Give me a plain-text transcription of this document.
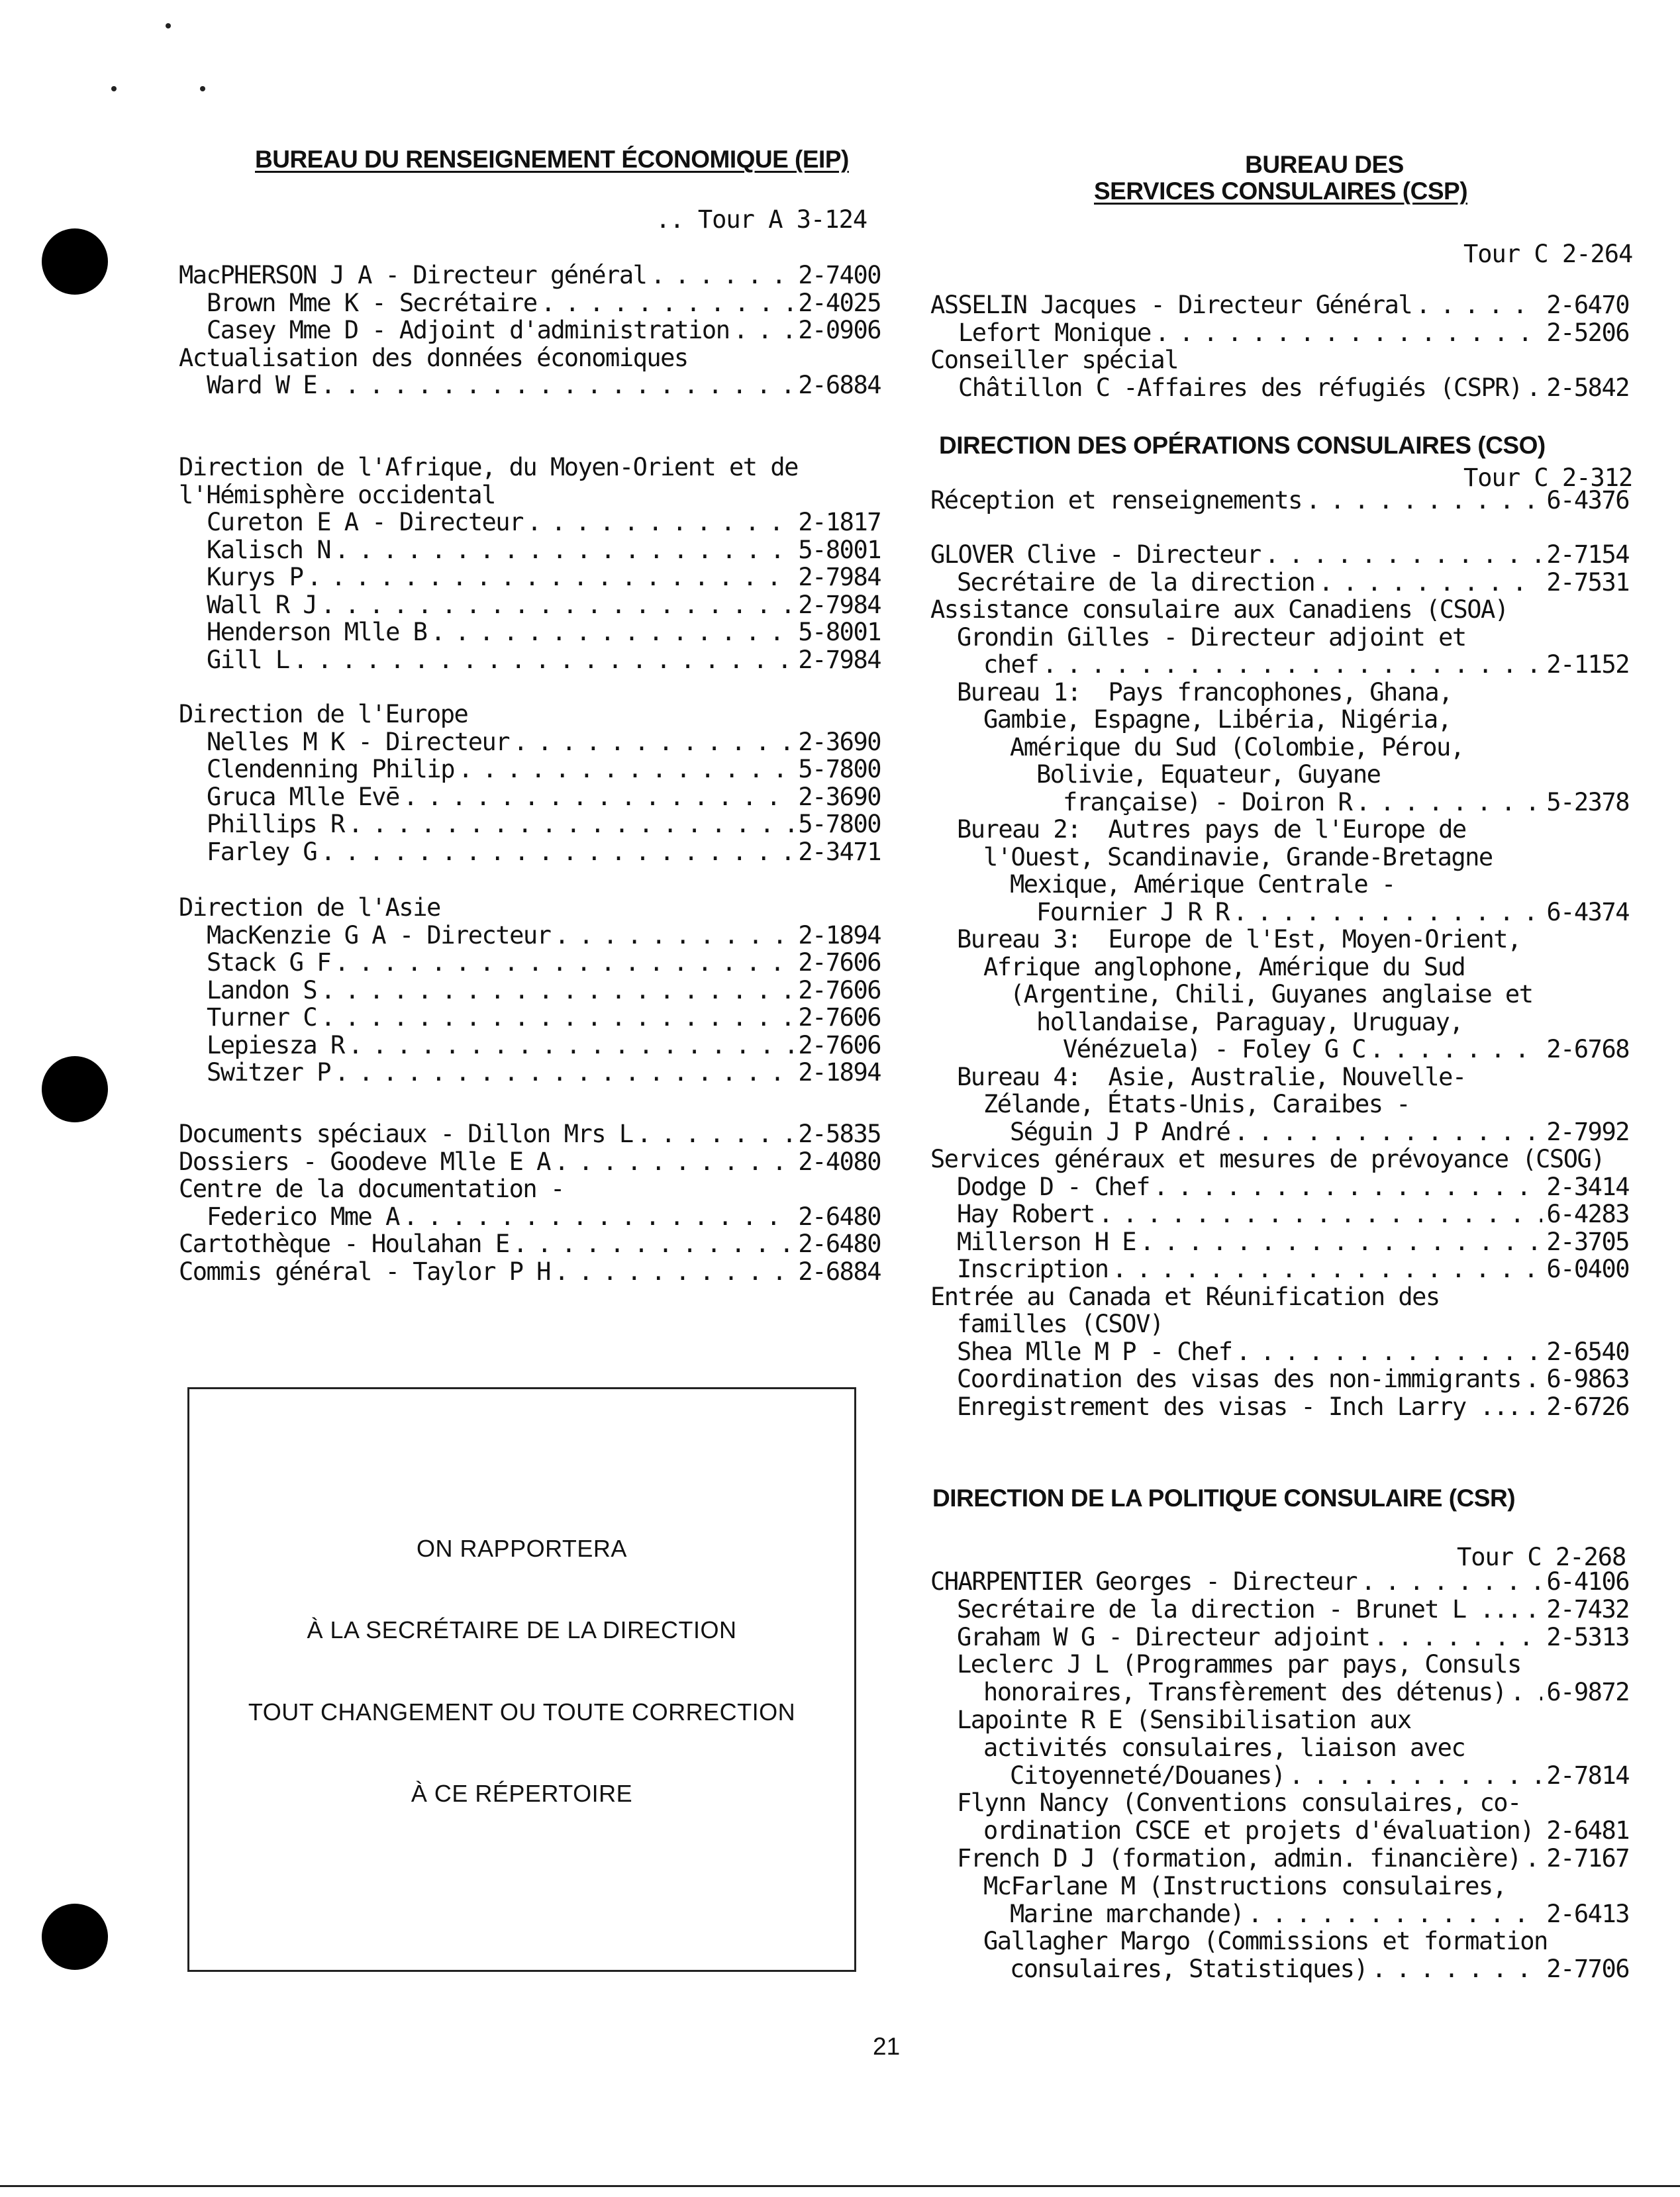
BUREAU DU RENSEIGNEMENT ÉCONOMIQUE (EIP)
.. Tour A 3-124
MacPHERSON J A - Directeur général . . .	2-7400
Brown Mme K - Secrétaire . . .	2-4025
Casey Mme D - Adjoint d'administration . . .	2-0906
Actualisation des données économiques
Ward W E . . .	2-6884
Direction de l'Afrique, du Moyen-Orient et de
l'Hémisphère occidental
Cureton E A - Directeur . . .	2-1817
Kalisch N . . .	5-8001
Kurys P . . .	2-7984
Wall R J . . .	2-7984
Henderson Mlle B . . .	5-8001
Gill L . . .	2-7984
Direction de l'Europe
Nelles M K - Directeur . . .	2-3690
Clendenning Philip . . .	5-7800
Gruca Mlle Evē . . .	2-3690
Phillips R . . .	5-7800
Farley G . . .	2-3471
Direction de l'Asie
MacKenzie G A - Directeur . . .	2-1894
Stack G F . . .	2-7606
Landon S . . .	2-7606
Turner C . . .	2-7606
Lepiesza R . . .	2-7606
Switzer P . . .	2-1894
Documents spéciaux - Dillon Mrs L . . .	2-5835
Dossiers - Goodeve Mlle E A . . .	2-4080
Centre de la documentation -
Federico Mme A . . .	2-6480
Cartothèque - Houlahan E . . .	2-6480
Commis général - Taylor P H . . .	2-6884
ON RAPPORTERA
À LA SECRÉTAIRE DE LA DIRECTION
TOUT CHANGEMENT OU TOUTE CORRECTION
À CE RÉPERTOIRE
BUREAU DES
SERVICES CONSULAIRES (CSP)
Tour C 2-264
ASSELIN Jacques - Directeur Général . . .	2-6470
Lefort Monique . . .	2-5206
Conseiller spécial
Châtillon C -Affaires des réfugiés (CSPR) . . . 2-5842
Réception et renseignements . . .	6-4376
GLOVER Clive - Directeur . . .	2-7154
Secrétaire de la direction . . .	2-7531
Assistance consulaire aux Canadiens (CSOA)
Grondin Gilles - Directeur adjoint et
chef . . .	2-1152
Bureau 1:  Pays francophones, Ghana,
Gambie, Espagne, Libéria, Nigéria,
Amérique du Sud (Colombie, Pérou,
Bolivie, Equateur, Guyane
française) - Doiron R . . .	5-2378
Bureau 2:  Autres pays de l'Europe de
l'Ouest, Scandinavie, Grande-Bretagne
Mexique, Amérique Centrale -
Fournier J R R . . .	6-4374
Bureau 3:  Europe de l'Est, Moyen-Orient,
Afrique anglophone, Amérique du Sud
(Argentine, Chili, Guyanes anglaise et
hollandaise, Paraguay, Uruguay,
Vénézuela) - Foley G C . . .	2-6768
Bureau 4:  Asie, Australie, Nouvelle-
Zélande, États-Unis, Caraibes -
Séguin J P André . . .	2-7992
Services généraux et mesures de prévoyance (CSOG)
Dodge D - Chef . . .	2-3414
Hay Robert . . .	6-4283
Millerson H E . . .	2-3705
Inscription . . .	6-0400
Entrée au Canada et Réunification des
familles (CSOV)
Shea Mlle M P - Chef . . .	2-6540
Coordination des visas des non-immigrants . . . 6-9863
Enregistrement des visas - Inch Larry ... . . . 2-6726
CHARPENTIER Georges - Directeur . . .	6-4106
Secrétaire de la direction - Brunet L ... . . . 2-7432
Graham W G - Directeur adjoint . . .	2-5313
Leclerc J L (Programmes par pays, Consuls
honoraires, Transfèrement des détenus) . . . 6-9872
Lapointe R E (Sensibilisation aux
activités consulaires, liaison avec
Citoyenneté/Douanes) . . .	2-7814
Flynn Nancy (Conventions consulaires, co-
ordination CSCE et projets d'évaluation) . . . 2-6481
French D J (formation, admin. financière) . . . 2-7167
McFarlane M (Instructions consulaires,
Marine marchande) . . .	2-6413
Gallagher Margo (Commissions et formation
consulaires, Statistiques) . . .	2-7706
DIRECTION DES OPÉRATIONS CONSULAIRES (CSO)
Tour C 2-312
DIRECTION DE LA POLITIQUE CONSULAIRE (CSR)
Tour C 2-268
21
